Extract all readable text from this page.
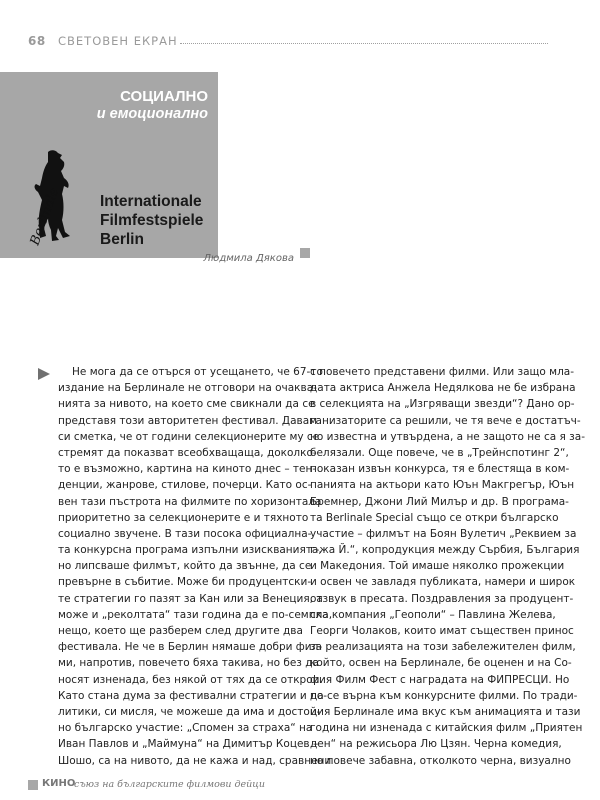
68 СВЕТОВЕН ЕКРАН
СОЦИАЛНО
и емоционално
Berlinale Internationale
Filmfestspiele
Berlin
Людмила Дякова

Не мога да се отърся от усещането, че 67-то

издание на Берлинале не отговори на очаква-

нията за нивото, на което сме свикнали да се

представя този авторитетен фестивал. Давам

си сметка, че от години селекционерите му се

стремят да показват всеобхващаща, доколко-

то е възможно, картина на киното днес – тен-

денции, жанрове, стилове, почерци. Като ос-

вен тази пъстрота на филмите по хоризонтала

приоритетно за селекционерите е и тяхното

социално звучене. В тази посока официална-

та конкурсна програма изпълни изискванията,

но липсваше филмът, който да звънне, да се

превърне в събитие. Може би продуцентски-

те стратегии го пазят за Кан или за Венеция, а

може и „реколтата“ тази година да е по-семпла,

нещо, което ще разберем след другите два

фестивала. Не че в Берлин нямаше добри фил-

ми, напротив, повечето бяха такива, но без да

носят изненада, без някой от тях да се открои.

Като стана дума за фестивални стратегии и по-

литики, си мисля, че можеше да има и достой-

но българско участие: „Спомен за страха“ на

Иван Павлов и „Маймуна“ на Димитър Коцев –

Шошо, са на нивото, да не кажа и над, сравнени

с повечето представени филми. Или защо мла-

дата актриса Анжела Недялкова не бе избрана

в селекцията на „Изгряващи звезди“? Дано ор-

ганизаторите са решили, че тя вече е достатъч-

но известна и утвърдена, а не защото не са я за-

белязали. Още повече, че в „Трейнспотинг 2“,

показан извън конкурса, тя е блестяща в ком-

панията на актьори като Юън Макгрегър, Юън

Бремнер, Джони Лий Милър и др. В програма-

та Berlinale Special също се откри българско

участие – филмът на Боян Вулетич „Реквием за

г-жа Й.“, копродукция между Сърбия, България

и Македония. Той имаше няколко прожекции

и освен че завладя публиката, намери и широк

отзвук в пресата. Поздравления за продуцент-

ска компания „Геополи“ – Павлина Желева,

Георги Чолаков, които имат съществен принос

за реализацията на този забележителен филм,

който, освен на Берлинале, бе оценен и на Со-

фия Филм Фест с наградата на ФИПРЕСЦИ. Но

да се върна към конкурсните филми. По тради-

ция Берлинале има вкус към анимацията и тази

година ни изненада с китайския филм „Приятен

ден“ на режисьора Лю Цзян. Черна комедия,

но повече забавна, отколкото черна, визуално

КИНО
съюз на българските филмови дейци
